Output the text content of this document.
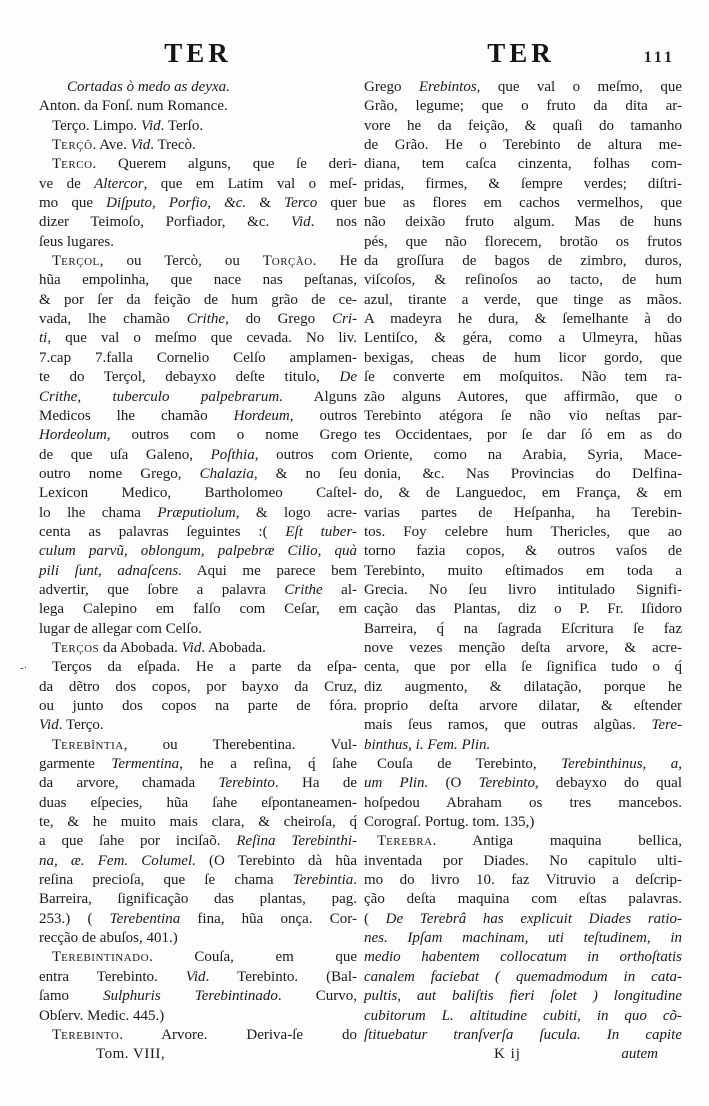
TER	TER	111
Cortadas ò medo as deyxa.
Anton. da Fonſ. num Romance.
Terço. Limpo. Vid. Terſo.
Terçô. Ave. Vid. Trecò.
Terco. Querem alguns, que ſe deri-
ve de Altercor, que em Latim val o meſ-
mo que Diſputo, Porfio, &c. & Terco quer
dizer Teimoſo, Porfiador, &c. Vid. nos
ſeus lugares.
Terçol, ou Tercò, ou Torção. He
hũa empolinha, que nace nas peſtanas,
& por ſer da feição de hum grão de ce-
vada, lhe chamão Crithe, do Grego Cri-
ti, que val o meſmo que cevada. No liv.
7.cap 7.falla Cornelio Celſo amplamen-
te do Terçol, debayxo deſte titulo, De
Crithe, tuberculo palpebrarum. Alguns
Medicos lhe chamão Hordeum, outros
Hordeolum, outros com o nome Grego
de que uſa Galeno, Poſthia, outros com
outro nome Grego, Chalazia, & no ſeu
Lexicon Medico, Bartholomeo Caſtel-
lo lhe chama Præputiolum, & logo acre-
centa as palavras ſeguintes :( Eſt tuber-
culum parvũ, oblongum, palpebræ Cilio, quà
pili ſunt, adnaſcens. Aqui me parece bem
advertir, que ſobre a palavra Crithe al-
lega Calepino em falſo com Ceſar, em
lugar de allegar com Celſo.
Terços da Abobada. Vid. Abobada.
Terços da eſpada. He a parte da eſpa-
-·
da dẽtro dos copos, por bayxo da Cruz,
ou junto dos copos na parte de fóra.
Vid. Terço.
Terebîntia, ou Therebentina. Vul-
garmente Termentina, he a reſina, q́ ſahe
da arvore, chamada Terebinto. Ha de
duas eſpecies, hũa ſahe eſpontaneamen-
te, & he muito mais clara, & cheiroſa, q́
a que ſahe por inciſaõ. Reſina Terebinthi-
na, æ. Fem. Columel. (O Terebinto dà hũa
reſina precioſa, que ſe chama Terebintia.
Barreira, ſignificação das plantas, pag.
253.) ( Terebentina fina, hũa onça. Cor-
recção de abuſos, 401.)
Terebintinado. Couſa, em que
entra Terebinto. Vid. Terebinto. (Bal-
ſamo Sulphuris Terebintinado. Curvo,
Obſerv. Medic. 445.)
Terebinto. Arvore. Deriva-ſe do
Tom. VIII,
Grego Erebintos, que val o meſmo, que
Grão, legume; que o fruto da dita ar-
vore he da feição, & quaſi do tamanho
de Grão. He o Terebinto de altura me-
diana, tem caſca cinzenta, folhas com-
pridas, firmes, & ſempre verdes; diſtri-
bue as flores em cachos vermelhos, que
não deixão fruto algum. Mas de huns
pés, que não florecem, brotão os frutos
da groſſura de bagos de zimbro, duros,
viſcoſos, & reſinoſos ao tacto, de hum
azul, tirante a verde, que tinge as mãos.
A madeyra he dura, & ſemelhante à do
Lentiſco, & géra, como a Ulmeyra, hũas
bexigas, cheas de hum licor gordo, que
ſe converte em moſquitos. Não tem ra-
zão alguns Autores, que affirmão, que o
Terebinto atégora ſe não vio neſtas par-
tes Occidentaes, por ſe dar ſó em as do
Oriente, como na Arabia, Syria, Mace-
donia, &c. Nas Provincias do Delfina-
do, & de Languedoc, em França, & em
varias partes de Heſpanha, ha Terebin-
tos. Foy celebre hum Thericles, que ao
torno fazia copos, & outros vaſos de
Terebinto, muito eſtimados em toda a
Grecia. No ſeu livro intitulado Signifi-
cação das Plantas, diz o P. Fr. Iſidoro
Barreira, q́ na ſagrada Eſcritura ſe faz
nove vezes menção deſta arvore, & acre-
centa, que por ella ſe ſignifica tudo o q́
diz augmento, & dilatação, porque he
proprio deſta arvore dilatar, & eſtender
mais ſeus ramos, que outras algũas. Tere-
binthus, i. Fem. Plin.
Couſa de Terebinto, Terebinthinus, a,
um Plin. (O Terebinto, debayxo do qual
hoſpedou Abraham os tres mancebos.
Corograſ. Portug. tom. 135,)
Terebra. Antiga maquina bellica,
inventada por Diades. No capitulo ulti-
mo do livro 10. faz Vitruvio a deſcrip-
ção deſta maquina com eſtas palavras.
( De Terebrâ has explicuit Diades ratio-
nes. Ipſam machinam, uti teſtudinem, in
medio habentem collocatum in orthoſtatis
canalem faciebat ( quemadmodum in cata-
pultis, aut baliſtis fieri ſolet ) longitudine
cubitorum L. altitudine cubiti, in quo cõ-
ſtituebatur tranſverſa ſucula. In capite
K ij	autem
